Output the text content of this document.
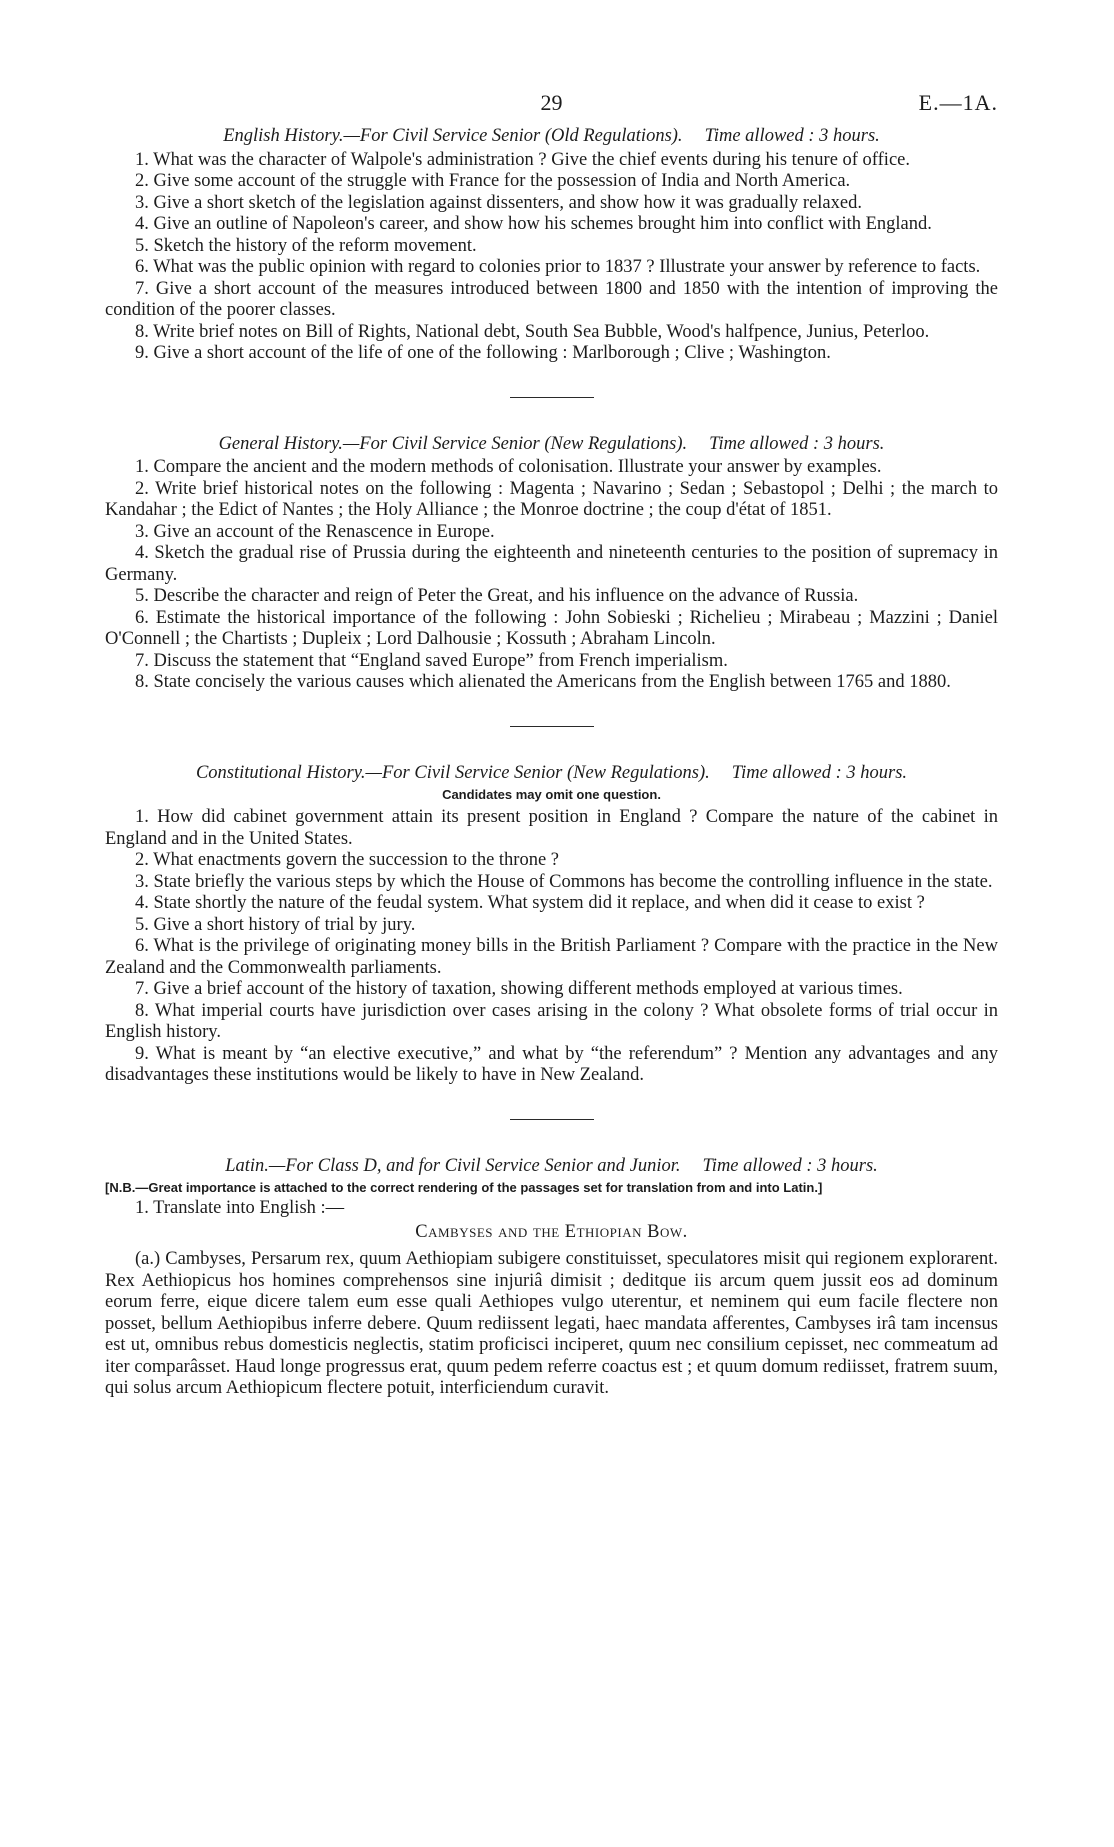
29	E.—1A.
English History.—For Civil Service Senior (Old Regulations). Time allowed : 3 hours.

1. What was the character of Walpole's administration ? Give the chief events during his tenure of office.

2. Give some account of the struggle with France for the possession of India and North America.

3. Give a short sketch of the legislation against dissenters, and show how it was gradually relaxed.

4. Give an outline of Napoleon's career, and show how his schemes brought him into conflict with England.

5. Sketch the history of the reform movement.

6. What was the public opinion with regard to colonies prior to 1837 ? Illustrate your answer by reference to facts.

7. Give a short account of the measures introduced between 1800 and 1850 with the intention of improving the condition of the poorer classes.

8. Write brief notes on Bill of Rights, National debt, South Sea Bubble, Wood's halfpence, Junius, Peterloo.

9. Give a short account of the life of one of the following : Marlborough ; Clive ; Washington.

General History.—For Civil Service Senior (New Regulations). Time allowed : 3 hours.

1. Compare the ancient and the modern methods of colonisation. Illustrate your answer by examples.

2. Write brief historical notes on the following : Magenta ; Navarino ; Sedan ; Sebastopol ; Delhi ; the march to Kandahar ; the Edict of Nantes ; the Holy Alliance ; the Monroe doctrine ; the coup d'état of 1851.

3. Give an account of the Renascence in Europe.

4. Sketch the gradual rise of Prussia during the eighteenth and nineteenth centuries to the position of supremacy in Germany.

5. Describe the character and reign of Peter the Great, and his influence on the advance of Russia.

6. Estimate the historical importance of the following : John Sobieski ; Richelieu ; Mirabeau ; Mazzini ; Daniel O'Connell ; the Chartists ; Dupleix ; Lord Dalhousie ; Kossuth ; Abraham Lincoln.

7. Discuss the statement that “England saved Europe” from French imperialism.

8. State concisely the various causes which alienated the Americans from the English between 1765 and 1880.

Constitutional History.—For Civil Service Senior (New Regulations). Time allowed : 3 hours.
Candidates may omit one question.

1. How did cabinet government attain its present position in England ? Compare the nature of the cabinet in England and in the United States.

2. What enactments govern the succession to the throne ?

3. State briefly the various steps by which the House of Commons has become the controlling influence in the state.

4. State shortly the nature of the feudal system. What system did it replace, and when did it cease to exist ?

5. Give a short history of trial by jury.

6. What is the privilege of originating money bills in the British Parliament ? Compare with the practice in the New Zealand and the Commonwealth parliaments.

7. Give a brief account of the history of taxation, showing different methods employed at various times.

8. What imperial courts have jurisdiction over cases arising in the colony ? What obsolete forms of trial occur in English history.

9. What is meant by “an elective executive,” and what by “the referendum” ? Mention any advantages and any disadvantages these institutions would be likely to have in New Zealand.

Latin.—For Class D, and for Civil Service Senior and Junior. Time allowed : 3 hours.
[N.B.—Great importance is attached to the correct rendering of the passages set for translation from and into Latin.]

1. Translate into English :—

Cambyses and the Ethiopian Bow.

(a.) Cambyses, Persarum rex, quum Aethiopiam subigere constituisset, speculatores misit qui regionem explorarent. Rex Aethiopicus hos homines comprehensos sine injuriâ dimisit ; deditque iis arcum quem jussit eos ad dominum eorum ferre, eique dicere talem eum esse quali Aethiopes vulgo uterentur, et neminem qui eum facile flectere non posset, bellum Aethiopibus inferre debere. Quum rediissent legati, haec mandata afferentes, Cambyses irâ tam incensus est ut, omnibus rebus domesticis neglectis, statim proficisci inciperet, quum nec consilium cepisset, nec commeatum ad iter comparâsset. Haud longe progressus erat, quum pedem referre coactus est ; et quum domum rediisset, fratrem suum, qui solus arcum Aethiopicum flectere potuit, interficiendum curavit.
